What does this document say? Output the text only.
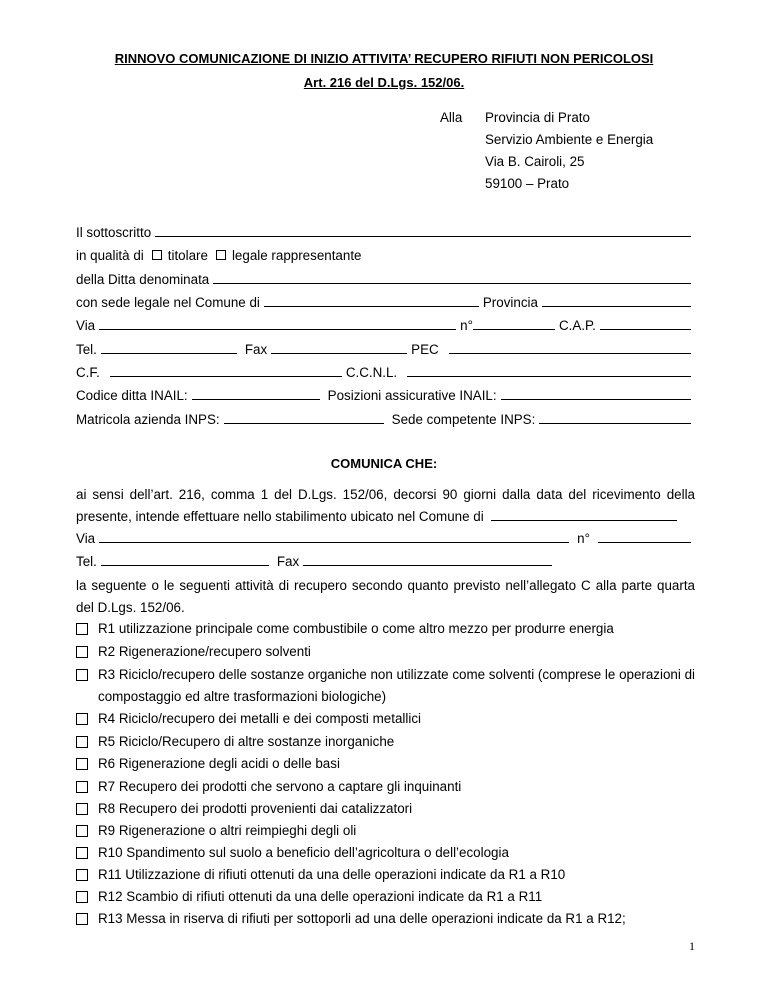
RINNOVO COMUNICAZIONE DI INIZIO ATTIVITA’ RECUPERO RIFIUTI NON PERICOLOSI
Art. 216 del D.Lgs. 152/06.
Alla Provincia di Prato
Servizio Ambiente e Energia
Via B. Cairoli, 25
59100 – Prato
Il sottoscritto
in qualità di titolare legale rappresentante
della Ditta denominata
con sede legale nel Comune di	Provincia
Via	n°	C.A.P.
Tel.	Fax	PEC
C.F.	C.C.N.L.
Codice ditta INAIL:	Posizioni assicurative INAIL:
Matricola azienda INPS:	Sede competente INPS:
COMUNICA CHE:
ai sensi dell’art. 216, comma 1 del D.Lgs. 152/06, decorsi 90 giorni dalla data del ricevimento della presente, intende effettuare nello stabilimento ubicato nel Comune di
Via	n°
Tel.	Fax
la seguente o le seguenti attività di recupero secondo quanto previsto nell’allegato C alla parte quarta del D.Lgs. 152/06.
R1 utilizzazione principale come combustibile o come altro mezzo per produrre energia
R2 Rigenerazione/recupero solventi
R3 Riciclo/recupero delle sostanze organiche non utilizzate come solventi (comprese le operazioni di compostaggio ed altre trasformazioni biologiche)
R4 Riciclo/recupero dei metalli e dei composti metallici
R5 Riciclo/Recupero di altre sostanze inorganiche
R6 Rigenerazione degli acidi o delle basi
R7 Recupero dei prodotti che servono a captare gli inquinanti
R8 Recupero dei prodotti provenienti dai catalizzatori
R9 Rigenerazione o altri reimpieghi degli oli
R10 Spandimento sul suolo a beneficio dell’agricoltura o dell’ecologia
R11 Utilizzazione di rifiuti ottenuti da una delle operazioni indicate da R1 a R10
R12 Scambio di rifiuti ottenuti da una delle operazioni indicate da R1 a R11
R13 Messa in riserva di rifiuti per sottoporli ad una delle operazioni indicate da R1 a R12;
1
